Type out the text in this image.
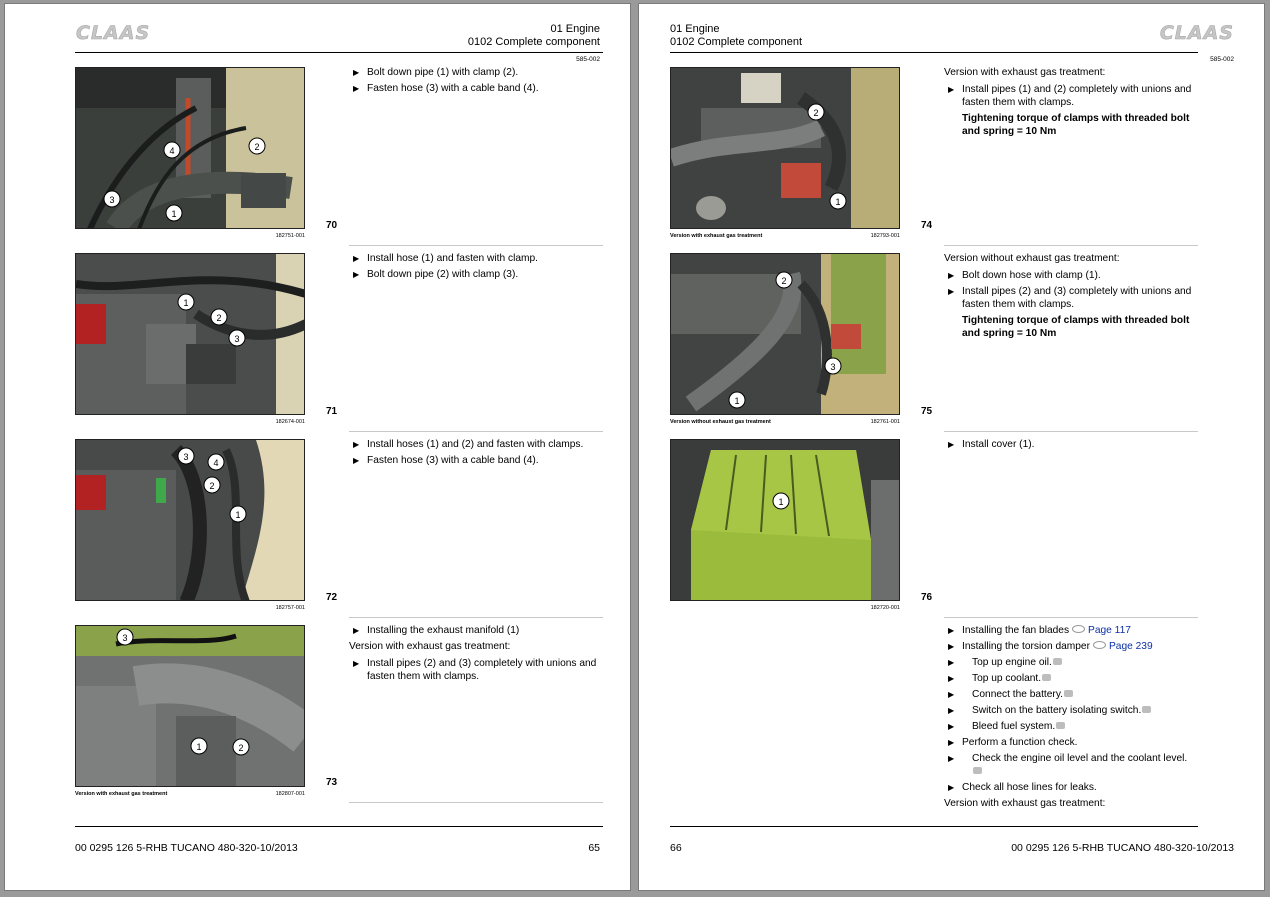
CLAAS	01 Engine
0102 Complete component
585-002
1
2
3
4
182751-001
70
▶ Bolt down pipe (1) with clamp (2).
▶ Fasten hose (3) with a cable band (4).
1
2
3
182674-001
71
▶ Install hose (1) and fasten with clamp.
▶ Bolt down pipe (2) with clamp (3).
3
4
2
1
182757-001
72
▶ Install hoses (1) and (2) and fasten with clamps.
▶ Fasten hose (3) with a cable band (4).
3
1	2
Version with exhaust gas treatment	182807-001
73
▶ Installing the exhaust manifold (1)
Version with exhaust gas treatment:
▶ Install pipes (2) and (3) completely with unions and fasten them with clamps.
00 0295 126 5-RHB TUCANO 480-320-10/2013	65
01 Engine
0102 Complete component	CLAAS
585-002
2
1
Version with exhaust gas treatment	182793-001
74
Version with exhaust gas treatment:
▶ Install pipes (1) and (2) completely with unions and fasten them with clamps.
Tightening torque of clamps with threaded bolt and spring = 10 Nm
2
3
1
Version without exhaust gas treatment	182761-001
75
Version without exhaust gas treatment:
▶ Bolt down hose with clamp (1).
▶ Install pipes (2) and (3) completely with unions and fasten them with clamps.
Tightening torque of clamps with threaded bolt and spring = 10 Nm
1
182720-001
76
▶ Install cover (1).
▶ Installing the fan blades Page 117
▶ Installing the torsion damper Page 239
▶ Top up engine oil.
▶ Top up coolant.
▶ Connect the battery.
▶ Switch on the battery isolating switch.
▶ Bleed fuel system.
▶ Perform a function check.
▶ Check the engine oil level and the coolant level.

▶ Check all hose lines for leaks.
Version with exhaust gas treatment:
66	00 0295 126 5-RHB TUCANO 480-320-10/2013
